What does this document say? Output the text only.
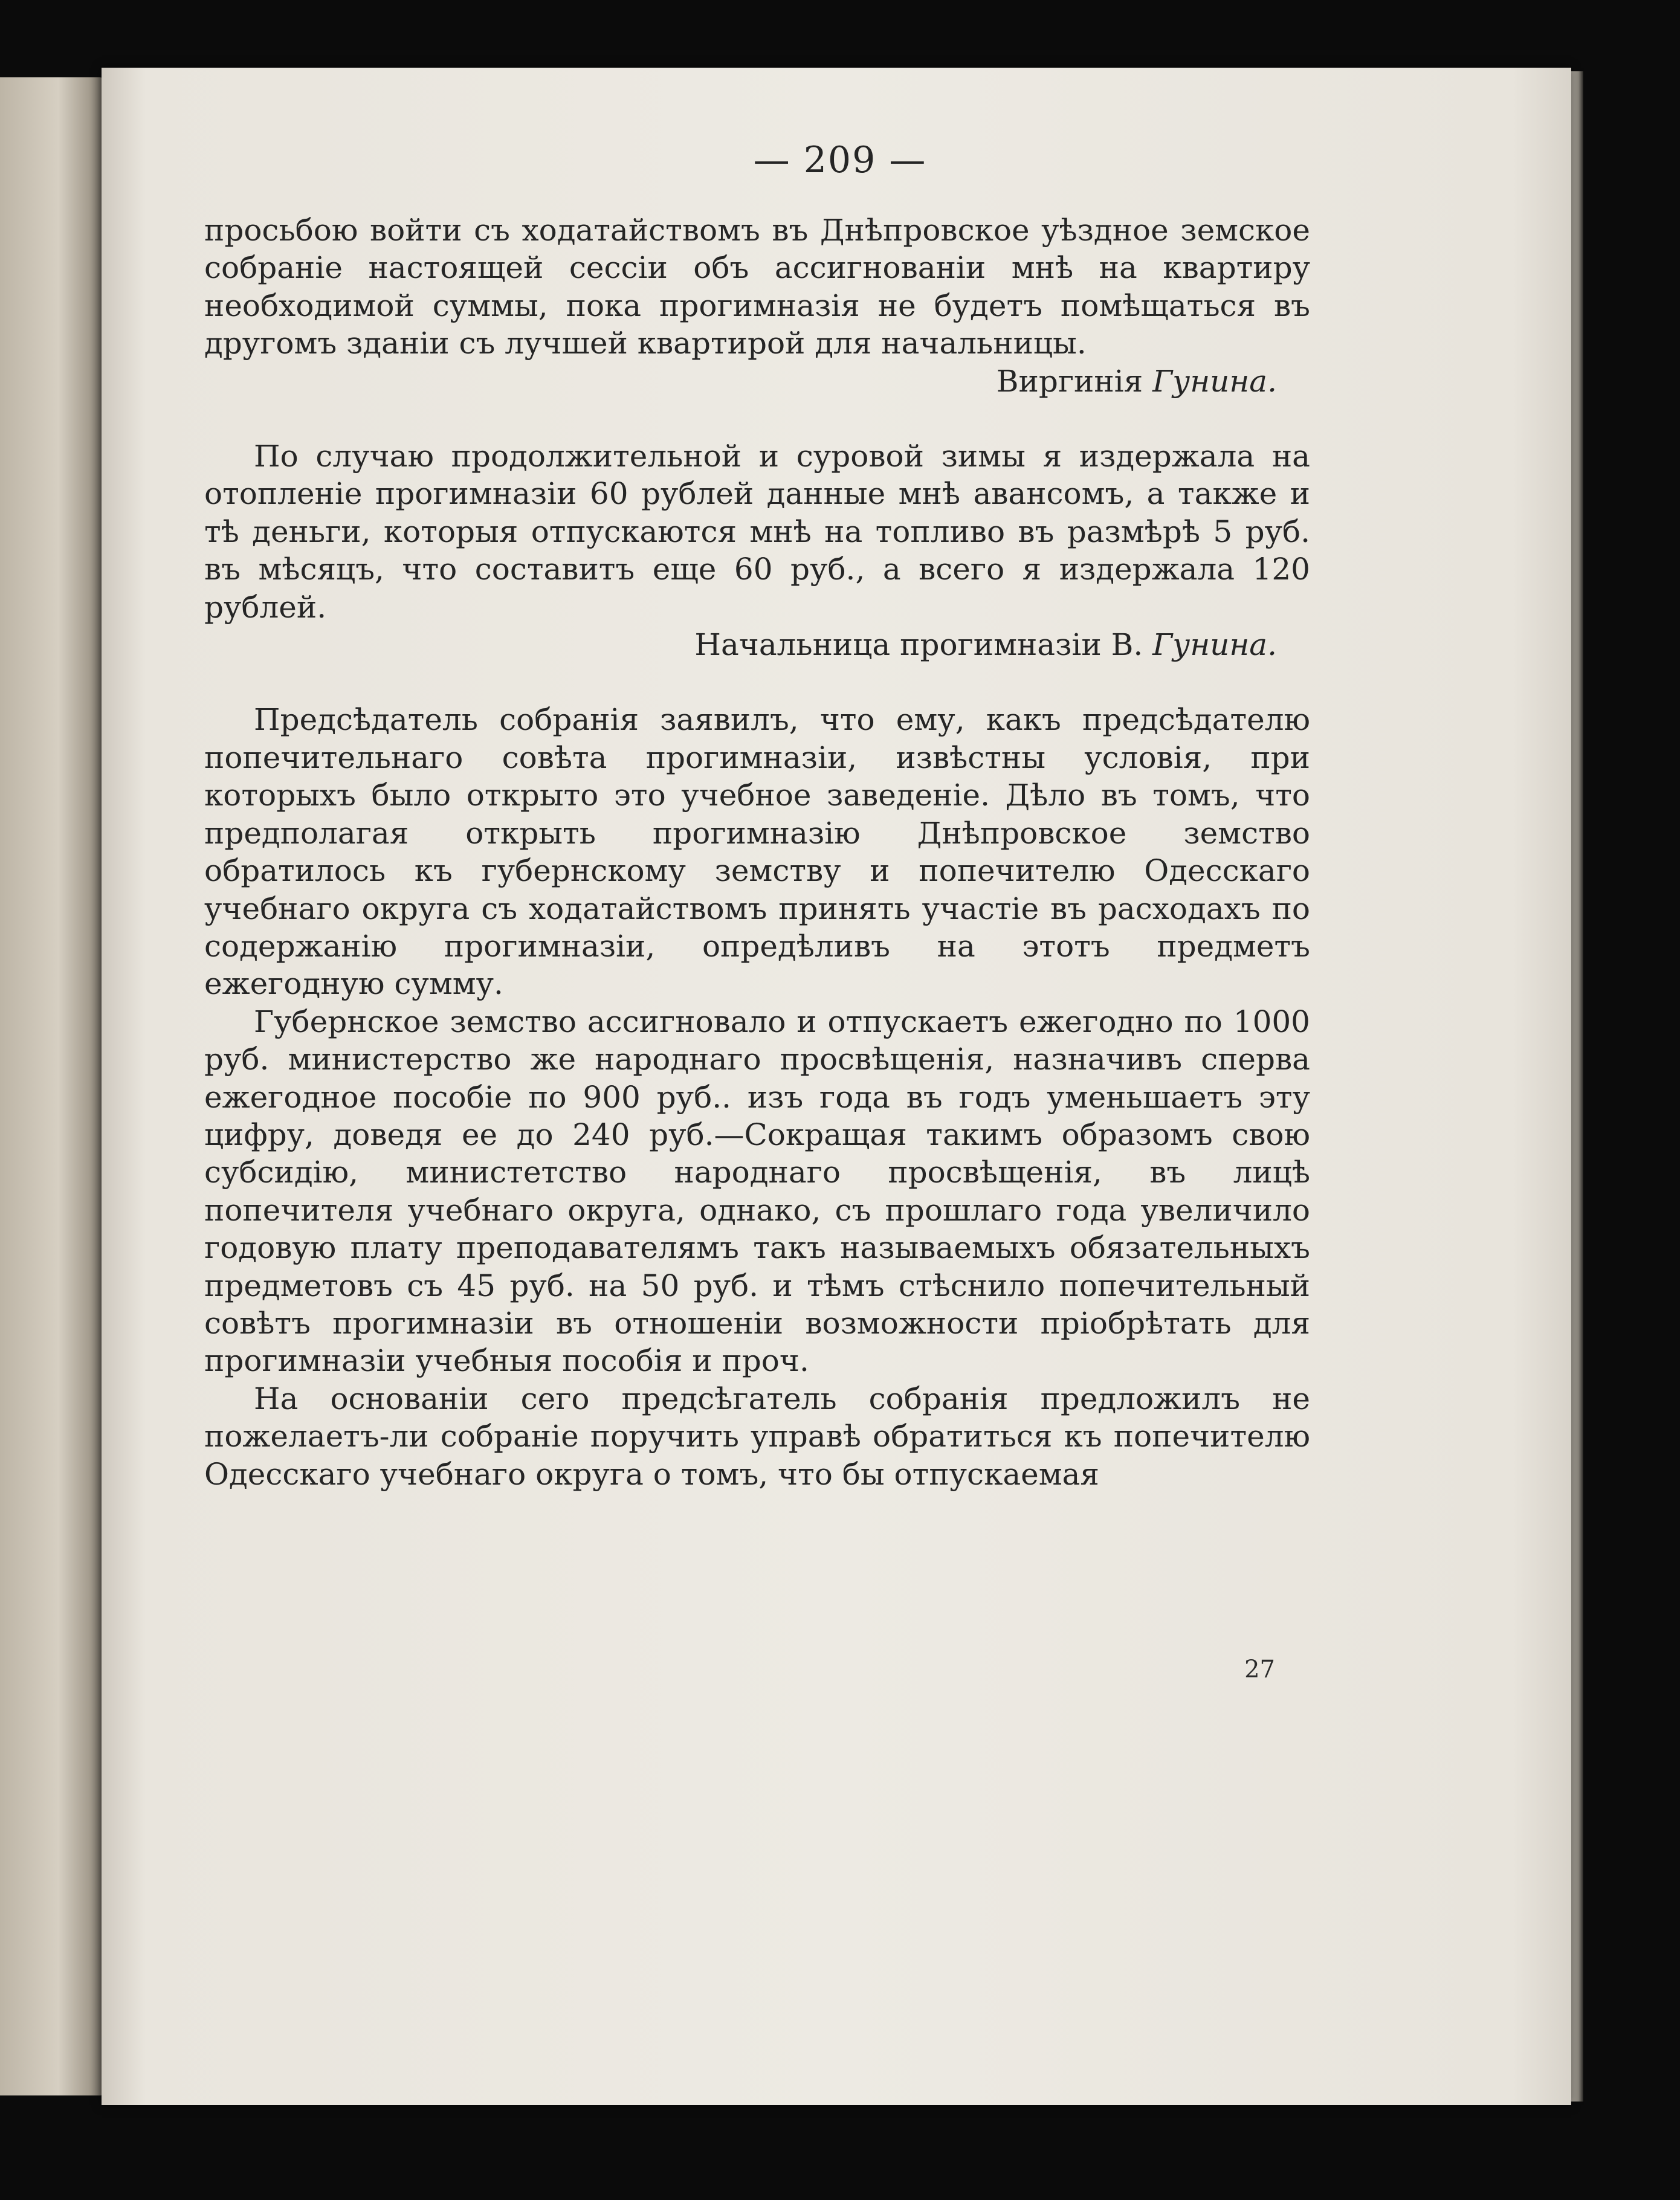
— 209 —

просьбою войти съ ходатайствомъ въ Днѣпровское уѣздное земское собраніе настоящей сессіи объ ассигнованіи мнѣ на квартиру необходимой суммы, пока прогимназія не будетъ помѣщаться въ другомъ зданіи съ лучшей квартирой для начальницы.

Виргинія Гунина.

По случаю продолжительной и суровой зимы я издержала на отопленіе прогимназіи 60 рублей данные мнѣ авансомъ, а также и тѣ деньги, которыя отпускаются мнѣ на топливо въ размѣрѣ 5 руб. въ мѣсяцъ, что составитъ еще 60 руб., а всего я издержала 120 рублей.

Начальница прогимназіи В. Гунина.

Предсѣдатель собранія заявилъ, что ему, какъ предсѣдателю попечительнаго совѣта прогимназіи, извѣстны условія, при которыхъ было открыто это учебное заведеніе. Дѣло въ томъ, что предполагая открыть прогимназію Днѣпровское земство обратилось къ губернскому земству и попечителю Одесскаго учебнаго округа съ ходатайствомъ принять участіе въ расходахъ по содержанію прогимназіи, опредѣливъ на этотъ предметъ ежегодную сумму.

Губернское земство ассигновало и отпускаетъ ежегодно по 1000 руб. министерство же народнаго просвѣщенія, назначивъ сперва ежегодное пособіе по 900 руб.. изъ года въ годъ уменьшаетъ эту цифру, доведя ее до 240 руб.—Сокращая такимъ образомъ свою субсидію, министетство народнаго просвѣщенія, въ лицѣ попечителя учебнаго округа, однако, съ прошлаго года увеличило годовую плату преподавателямъ такъ называемыхъ обязательныхъ предметовъ съ 45 руб. на 50 руб. и тѣмъ стѣснило попечительный совѣтъ прогимназіи въ отношеніи возможности пріобрѣтать для прогимназіи учебныя пособія и проч.

На основаніи сего предсѣгатель собранія предложилъ не пожелаетъ-ли собраніе поручить управѣ обратиться къ попечителю Одесскаго учебнаго округа о томъ, что бы отпускаемая

27
